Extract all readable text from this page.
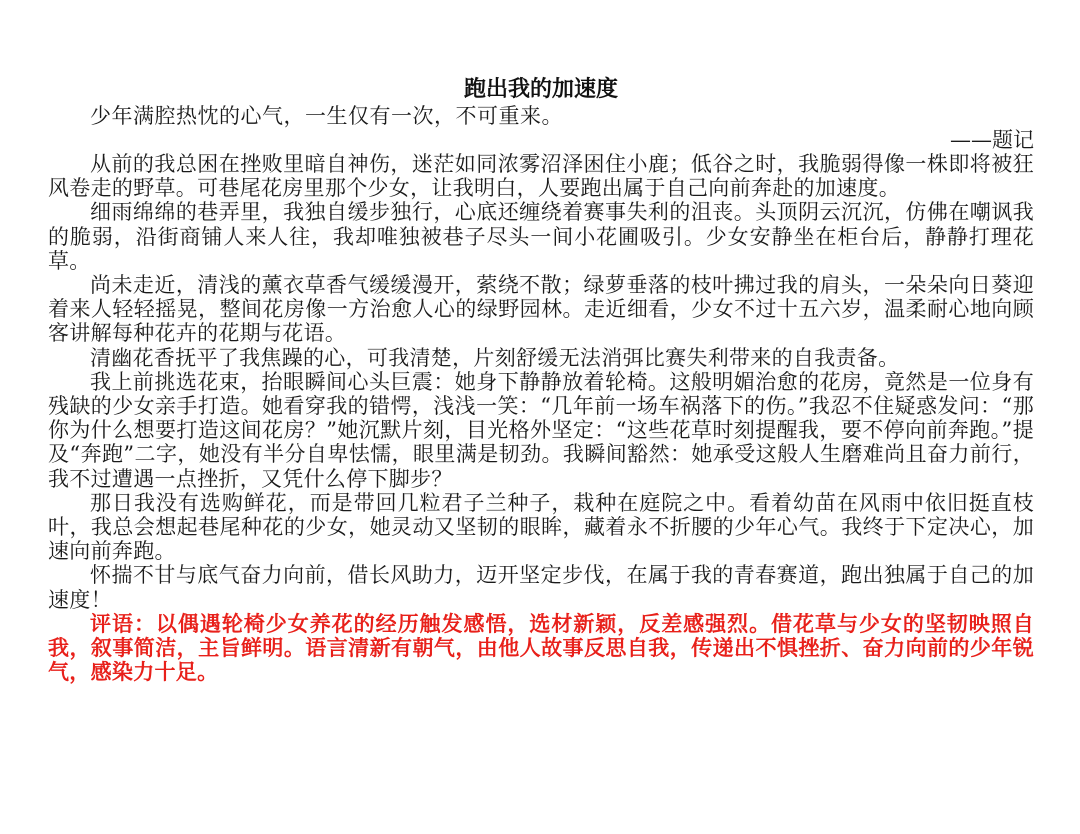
跑出我的加速度

少年满腔热忱的心气，一生仅有一次，不可重来。

——题记

从前的我总困在挫败里暗自神伤，迷茫如同浓雾沼泽困住小鹿；低谷之时，我脆弱得像一株即将被狂风卷走的野草。可巷尾花房里那个少女，让我明白，人要跑出属于自己向前奔赴的加速度。

细雨绵绵的巷弄里，我独自缓步独行，心底还缠绕着赛事失利的沮丧。头顶阴云沉沉，仿佛在嘲讽我的脆弱，沿街商铺人来人往，我却唯独被巷子尽头一间小花圃吸引。少女安静坐在柜台后，静静打理花草。

尚未走近，清浅的薰衣草香气缓缓漫开，萦绕不散；绿萝垂落的枝叶拂过我的肩头，一朵朵向日葵迎着来人轻轻摇晃，整间花房像一方治愈人心的绿野园林。走近细看，少女不过十五六岁，温柔耐心地向顾客讲解每种花卉的花期与花语。

清幽花香抚平了我焦躁的心，可我清楚，片刻舒缓无法消弭比赛失利带来的自我责备。

我上前挑选花束，抬眼瞬间心头巨震：她身下静静放着轮椅。这般明媚治愈的花房，竟然是一位身有残缺的少女亲手打造。她看穿我的错愕，浅浅一笑：“几年前一场车祸落下的伤。”我忍不住疑惑发问：“那你为什么想要打造这间花房？”她沉默片刻，目光格外坚定：“这些花草时刻提醒我，要不停向前奔跑。”提及“奔跑”二字，她没有半分自卑怯懦，眼里满是韧劲。我瞬间豁然：她承受这般人生磨难尚且奋力前行，我不过遭遇一点挫折，又凭什么停下脚步？

那日我没有选购鲜花，而是带回几粒君子兰种子，栽种在庭院之中。看着幼苗在风雨中依旧挺直枝叶，我总会想起巷尾种花的少女，她灵动又坚韧的眼眸，藏着永不折腰的少年心气。我终于下定决心，加速向前奔跑。

怀揣不甘与底气奋力向前，借长风助力，迈开坚定步伐，在属于我的青春赛道，跑出独属于自己的加速度！

评语：以偶遇轮椅少女养花的经历触发感悟，选材新颖，反差感强烈。借花草与少女的坚韧映照自我，叙事简洁，主旨鲜明。语言清新有朝气，由他人故事反思自我，传递出不惧挫折、奋力向前的少年锐气，感染力十足。
